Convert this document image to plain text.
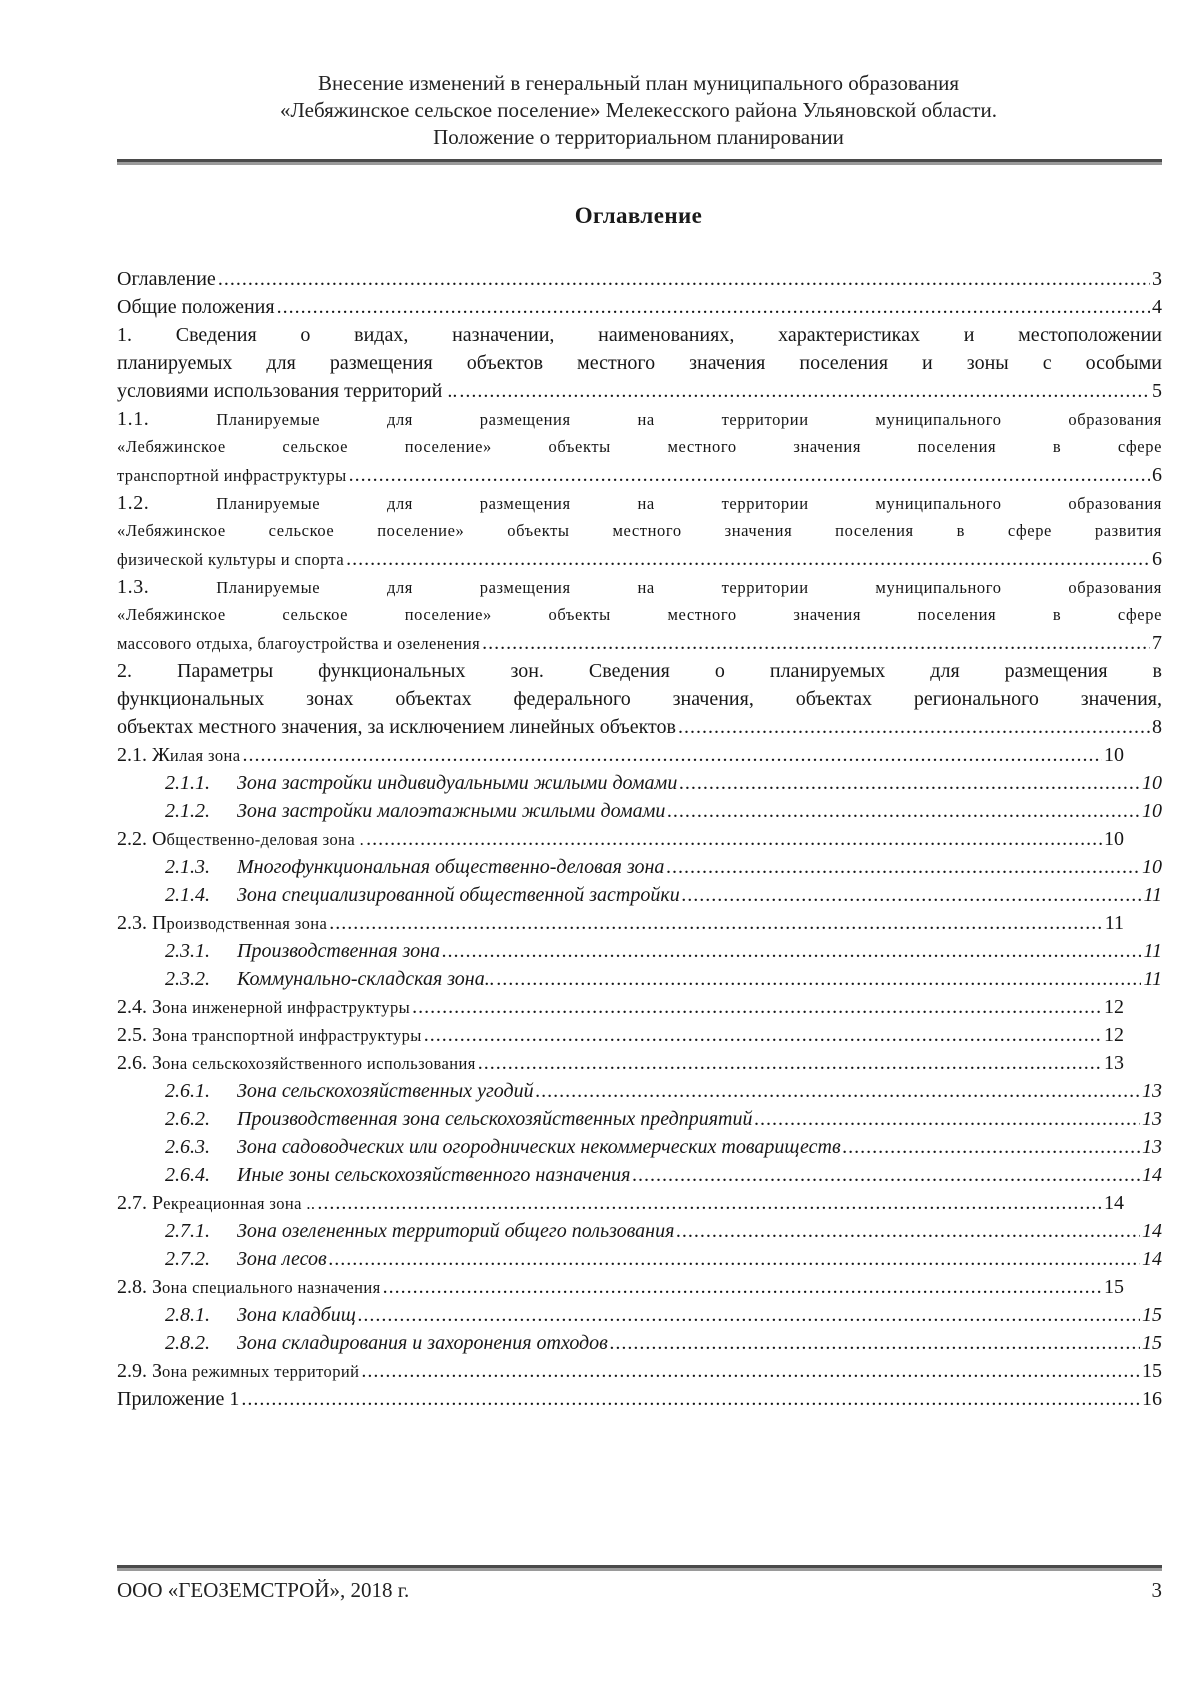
Внесение изменений в генеральный план муниципального образования
«Лебяжинское сельское поселение» Мелекесского района Ульяновской области.
Положение о территориальном планировании
Оглавление
Оглавление .....	3
Общие положения .....	4
1. Сведения о видах, назначении, наименованиях, характеристиках и местоположении
планируемых для размещения объектов местного значения поселения и зоны с особыми
условиями использования территорий .. .....	5
1.1.	Планируемые для размещения на территории муниципального образования
«Лебяжинское сельское поселение» объекты местного значения поселения в сфере
транспортной инфраструктуры .....	6
1.2.	Планируемые для размещения на территории муниципального образования
«Лебяжинское сельское поселение» объекты местного значения поселения в сфере развития
физической культуры и спорта .....	6
1.3.	Планируемые для размещения на территории муниципального образования
«Лебяжинское сельское поселение» объекты местного значения поселения в сфере
массового отдыха, благоустройства и озеленения .....	7
2. Параметры функциональных зон. Сведения о планируемых для размещения в
функциональных зонах объектах федерального значения, объектах регионального значения,
объектах местного значения, за исключением линейных объектов .....	8
2.1. Жилая зона .....	10
2.1.1. Зона застройки индивидуальными жилыми домами .....	10
2.1.2. Зона застройки малоэтажными жилыми домами .....	10
2.2. Общественно-деловая зона . .....	10
2.1.3. Многофункциональная общественно-деловая зона .....	10
2.1.4. Зона специализированной общественной застройки .....	11
2.3. Производственная зона .....	11
2.3.1. Производственная зона .....	11
2.3.2. Коммунально-складская зона.. .....	11
2.4. Зона инженерной инфраструктуры .....	12
2.5. Зона транспортной инфраструктуры .....	12
2.6. Зона сельскохозяйственного использования .....	13
2.6.1. Зона сельскохозяйственных угодий .....	13
2.6.2. Производственная зона сельскохозяйственных предприятий .....	13
2.6.3. Зона садоводческих или огороднических некоммерческих товариществ .....	13
2.6.4. Иные зоны сельскохозяйственного назначения .....	14
2.7. Рекреационная зона .. .....	14
2.7.1. Зона озелененных территорий общего пользования .....	14
2.7.2. Зона лесов .....	14
2.8. Зона специального назначения .....	15
2.8.1. Зона кладбищ .....	15
2.8.2. Зона складирования и захоронения отходов .....	15
2.9. Зона режимных территорий .....	15
Приложение 1 .....	16
ООО «ГЕОЗЕМСТРОЙ», 2018 г.	3
